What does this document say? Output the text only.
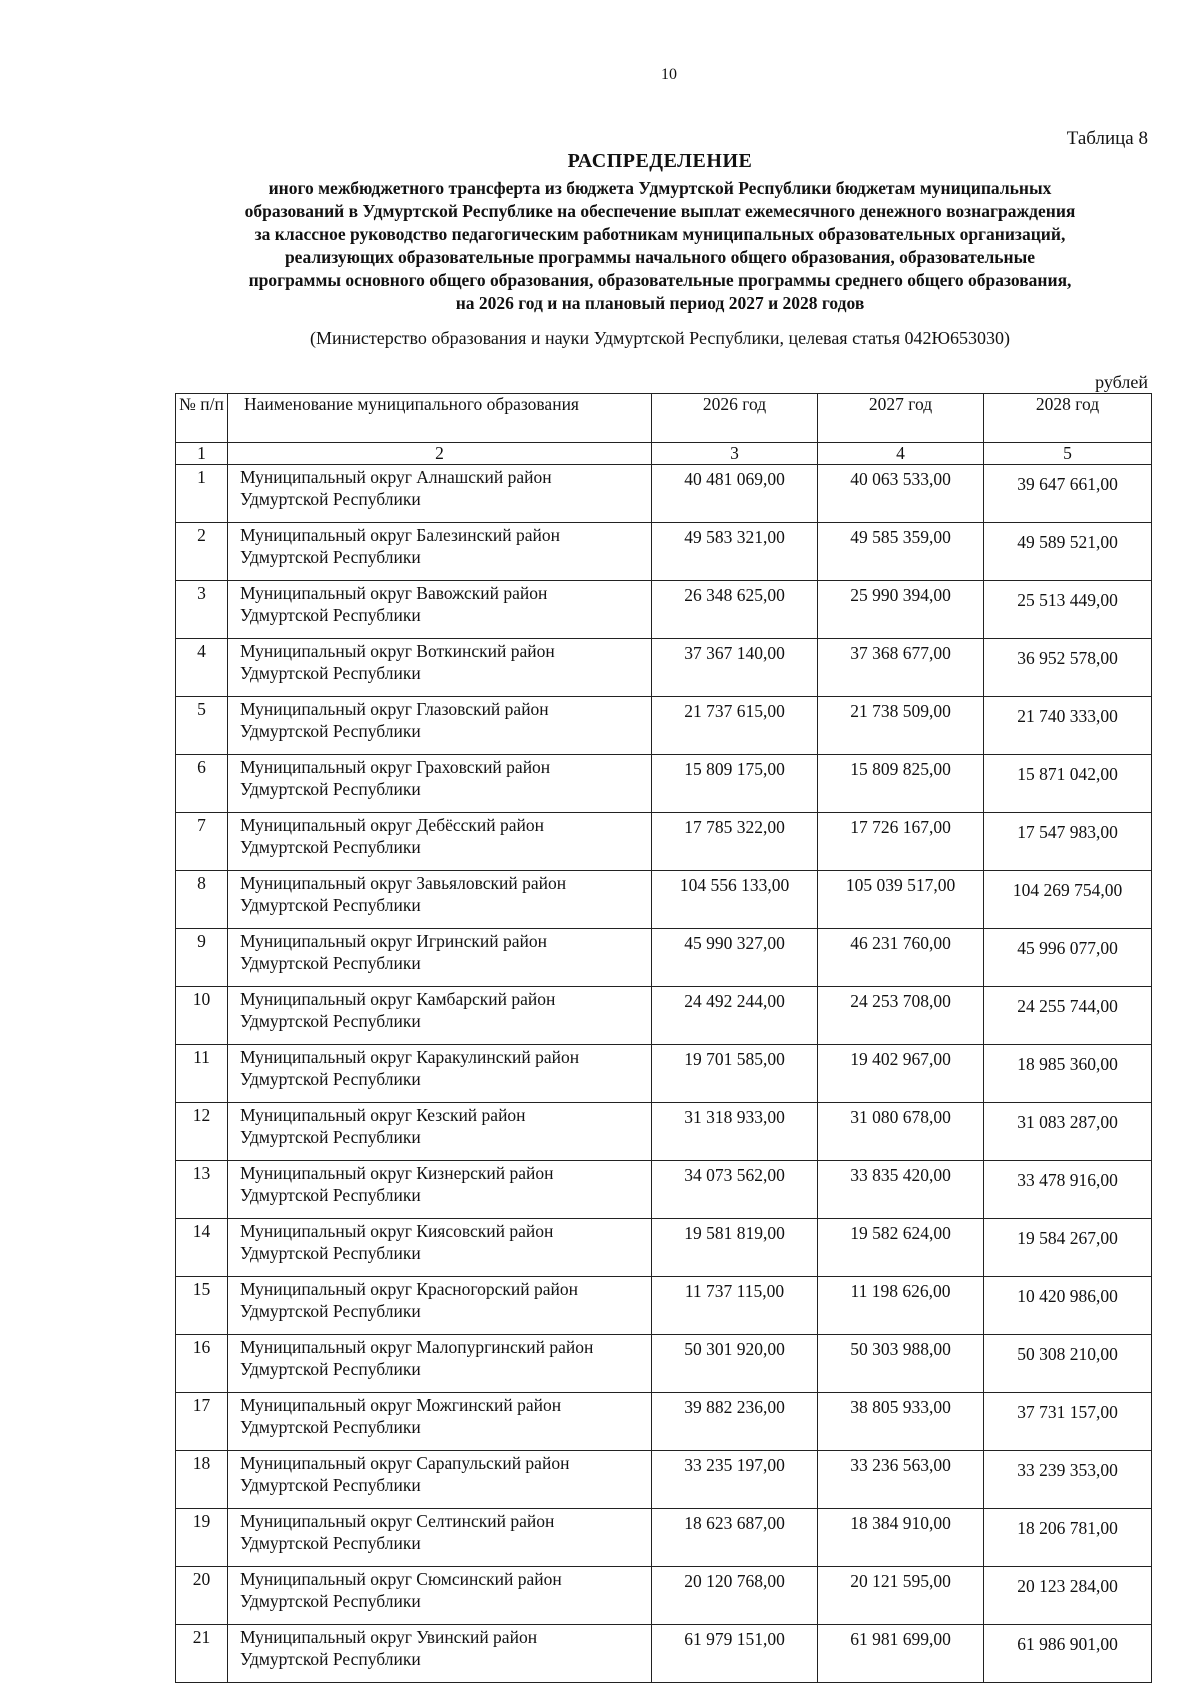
10
Таблица 8
РАСПРЕДЕЛЕНИЕ
иного межбюджетного трансферта из бюджета Удмуртской Республики бюджетам муниципальных
образований в Удмуртской Республике на обеспечение выплат ежемесячного денежного вознаграждения
за классное руководство педагогическим работникам муниципальных образовательных организаций,
реализующих образовательные программы начального общего образования, образовательные
программы основного общего образования, образовательные программы среднего общего образования,
на 2026 год и на плановый период 2027 и 2028 годов
(Министерство образования и науки Удмуртской Республики, целевая статья 042Ю653030)
рублей
№ п/п	Наименование муниципального образования	2026 год	2027 год	2028 год
1	2	3	4	5
1	Муниципальный округ Алнашский район
Удмуртской Республики	40 481 069,00	40 063 533,00	39 647 661,00
2	Муниципальный округ Балезинский район
Удмуртской Республики	49 583 321,00	49 585 359,00	49 589 521,00
3	Муниципальный округ Вавожский район
Удмуртской Республики	26 348 625,00	25 990 394,00	25 513 449,00
4	Муниципальный округ Воткинский район
Удмуртской Республики	37 367 140,00	37 368 677,00	36 952 578,00
5	Муниципальный округ Глазовский район
Удмуртской Республики	21 737 615,00	21 738 509,00	21 740 333,00
6	Муниципальный округ Граховский район
Удмуртской Республики	15 809 175,00	15 809 825,00	15 871 042,00
7	Муниципальный округ Дебёсский район
Удмуртской Республики	17 785 322,00	17 726 167,00	17 547 983,00
8	Муниципальный округ Завьяловский район
Удмуртской Республики	104 556 133,00	105 039 517,00	104 269 754,00
9	Муниципальный округ Игринский район
Удмуртской Республики	45 990 327,00	46 231 760,00	45 996 077,00
10	Муниципальный округ Камбарский район
Удмуртской Республики	24 492 244,00	24 253 708,00	24 255 744,00
11	Муниципальный округ Каракулинский район
Удмуртской Республики	19 701 585,00	19 402 967,00	18 985 360,00
12	Муниципальный округ Кезский район
Удмуртской Республики	31 318 933,00	31 080 678,00	31 083 287,00
13	Муниципальный округ Кизнерский район
Удмуртской Республики	34 073 562,00	33 835 420,00	33 478 916,00
14	Муниципальный округ Киясовский район
Удмуртской Республики	19 581 819,00	19 582 624,00	19 584 267,00
15	Муниципальный округ Красногорский район
Удмуртской Республики	11 737 115,00	11 198 626,00	10 420 986,00
16	Муниципальный округ Малопургинский район
Удмуртской Республики	50 301 920,00	50 303 988,00	50 308 210,00
17	Муниципальный округ Можгинский район
Удмуртской Республики	39 882 236,00	38 805 933,00	37 731 157,00
18	Муниципальный округ Сарапульский район
Удмуртской Республики	33 235 197,00	33 236 563,00	33 239 353,00
19	Муниципальный округ Селтинский район
Удмуртской Республики	18 623 687,00	18 384 910,00	18 206 781,00
20	Муниципальный округ Сюмсинский район
Удмуртской Республики	20 120 768,00	20 121 595,00	20 123 284,00
21	Муниципальный округ Увинский район
Удмуртской Республики	61 979 151,00	61 981 699,00	61 986 901,00
